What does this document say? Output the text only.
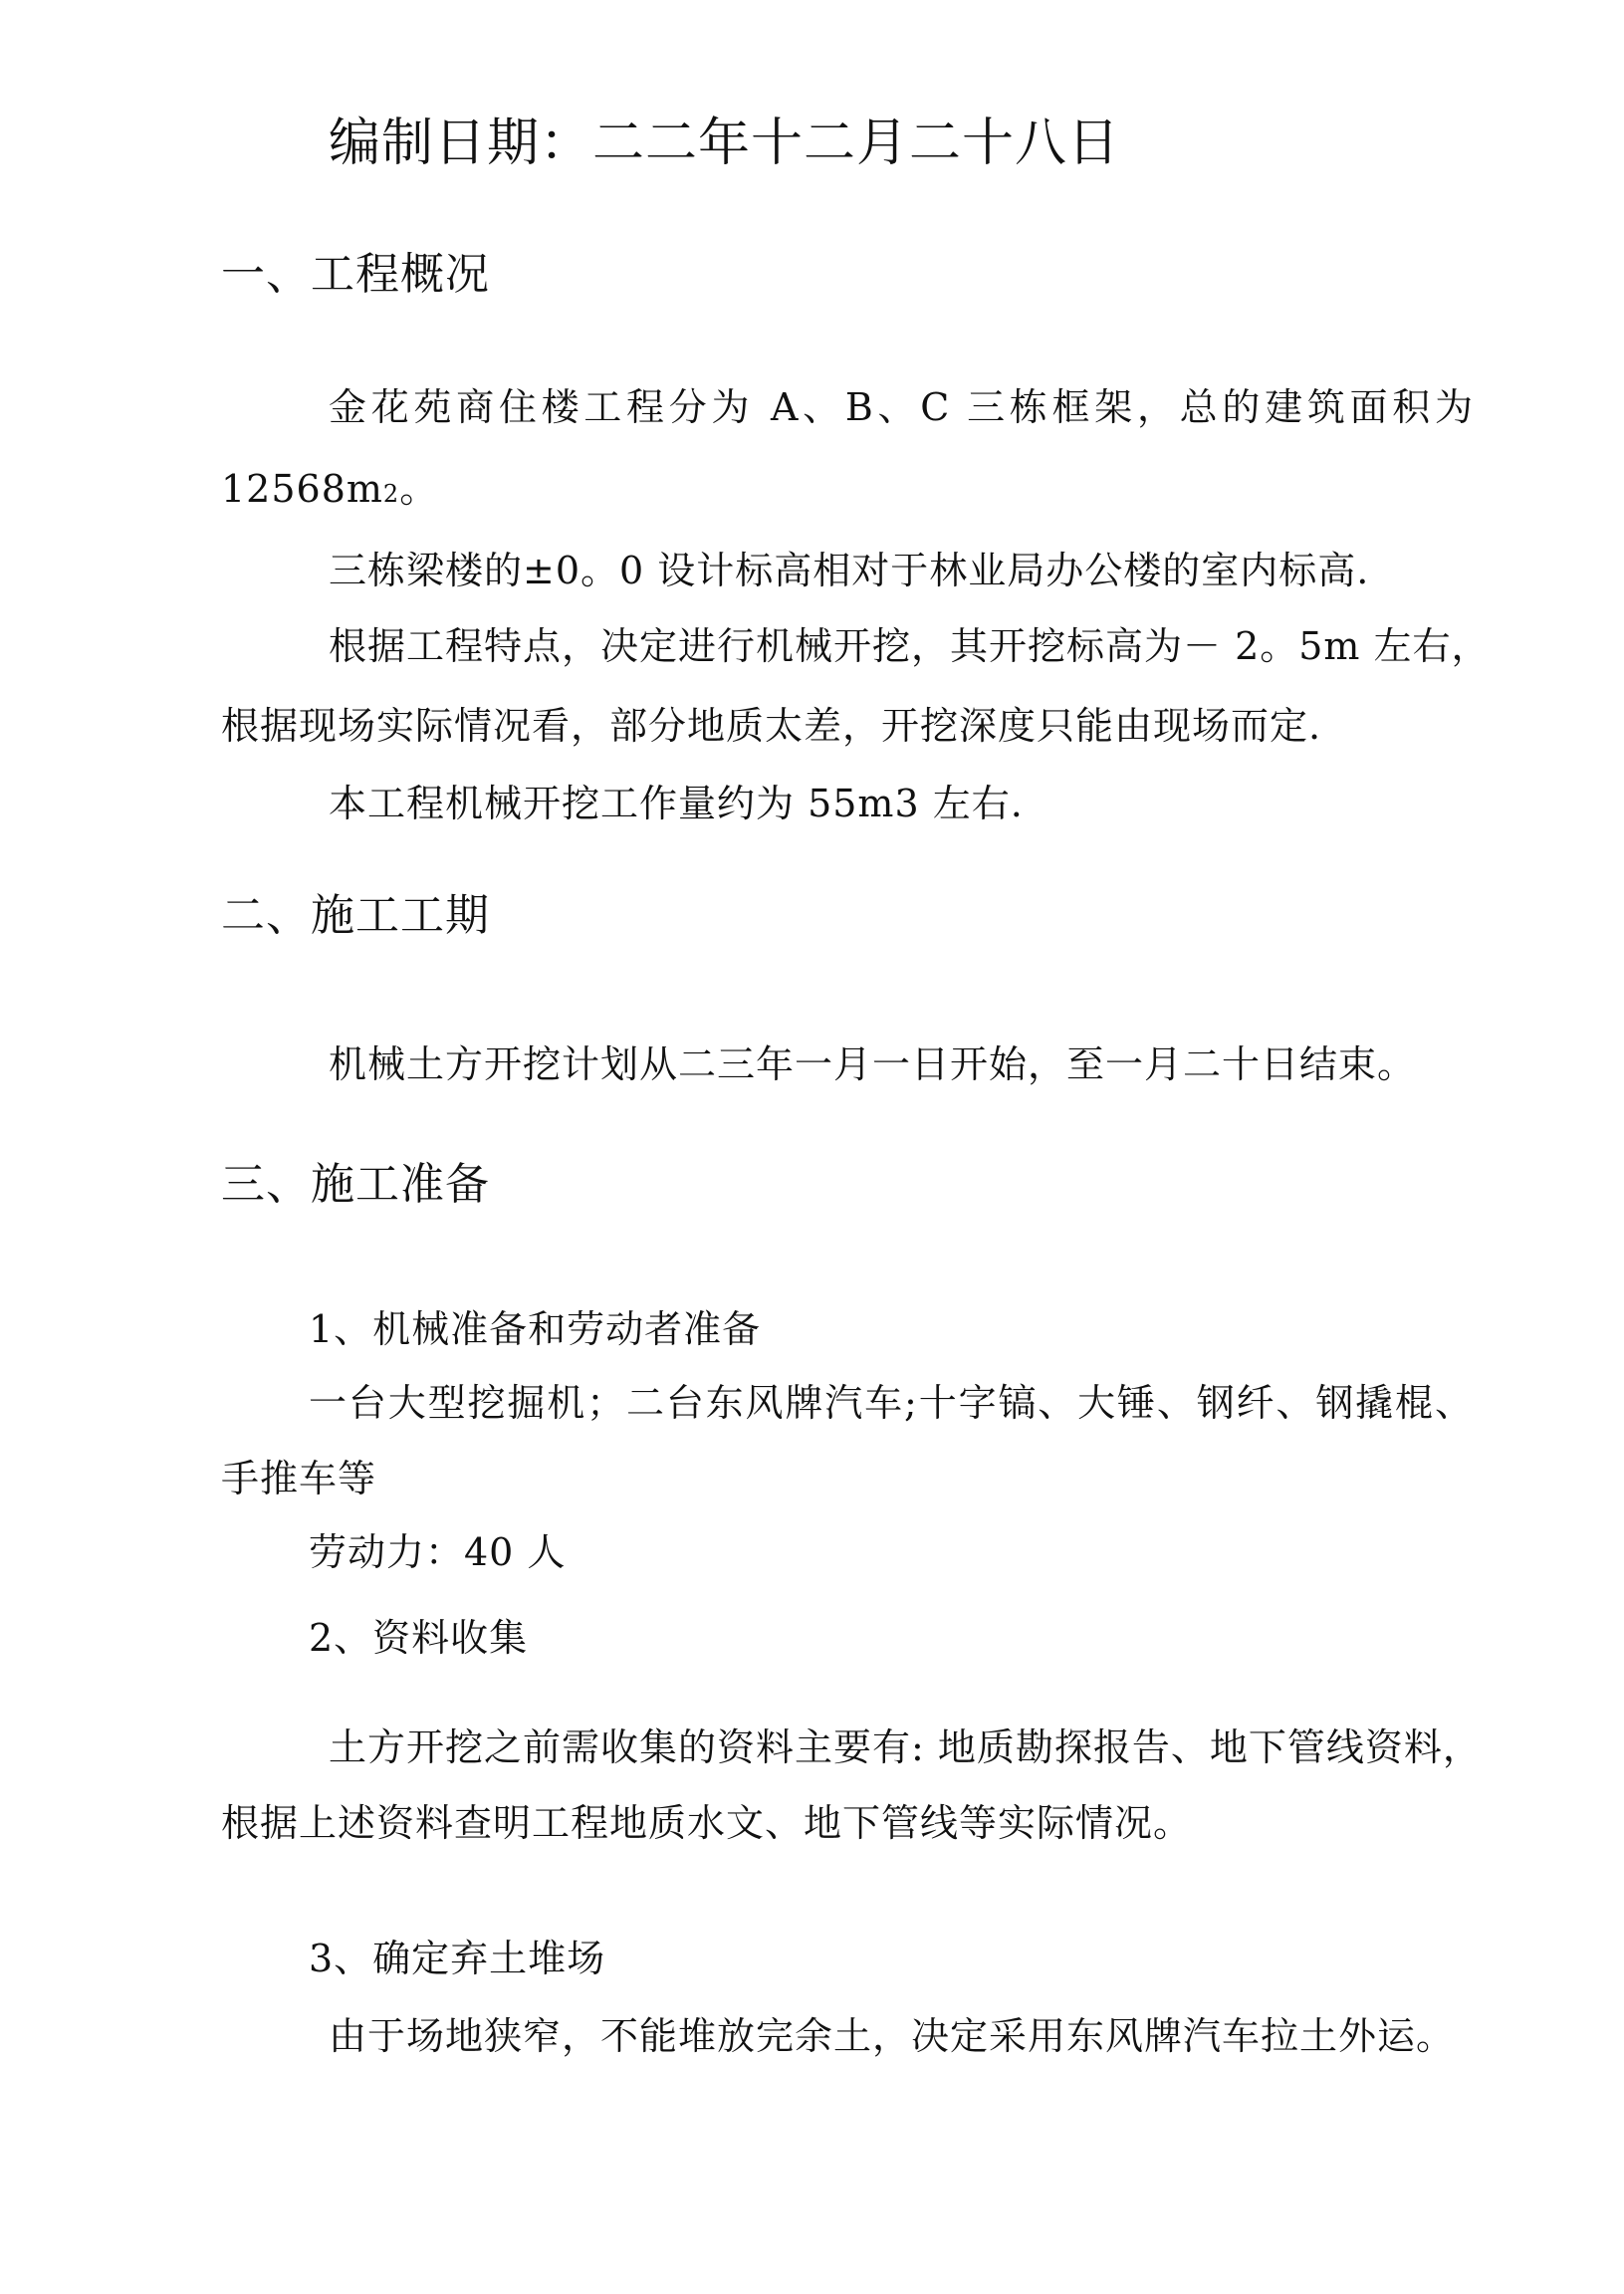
编制日期：二二年十二月二十八日
一、工程概况
金花苑商住楼工程分为 A、B、C 三栋框架，总的建筑面积为
12568m2。
三栋梁楼的±0。0 设计标高相对于林业局办公楼的室内标高.
根据工程特点，决定进行机械开挖，其开挖标高为－ 2。5m 左右，
根据现场实际情况看，部分地质太差，开挖深度只能由现场而定.
本工程机械开挖工作量约为 55m3 左右.
二、施工工期
机械土方开挖计划从二三年一月一日开始，至一月二十日结束。
三、施工准备
1、机械准备和劳动者准备
一台大型挖掘机；二台东风牌汽车;十字镐、大锤、钢纤、钢撬棍、
手推车等
劳动力：40 人
2、资料收集
土方开挖之前需收集的资料主要有: 地质勘探报告、地下管线资料，
根据上述资料查明工程地质水文、地下管线等实际情况。
3、确定弃土堆场
由于场地狭窄，不能堆放完余土，决定采用东风牌汽车拉土外运。
